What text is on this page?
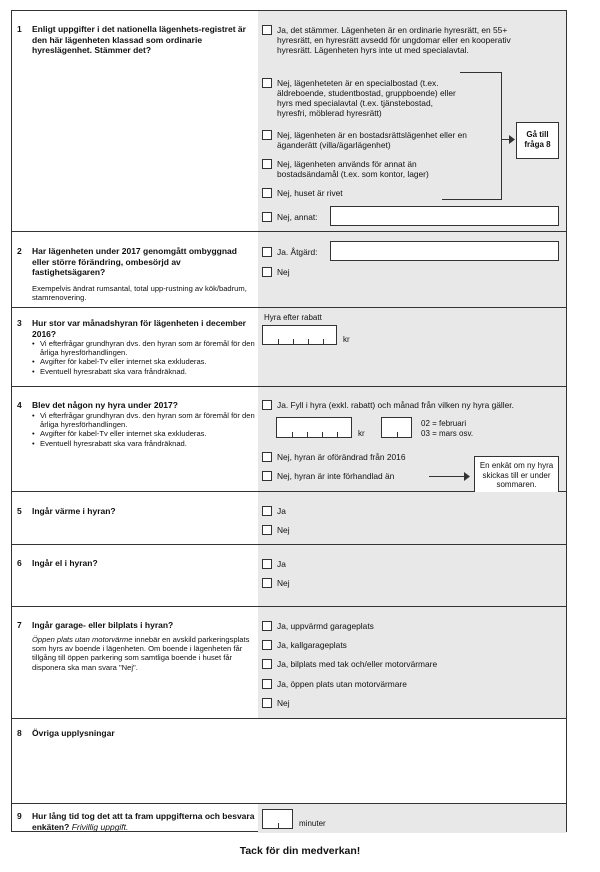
1 Enligt uppgifter i det nationella lägenhets-registret är den här lägenheten klassad som ordinarie hyreslägenhet. Stämmer det?
Ja, det stämmer. Lägenheten är en ordinarie hyresrätt, en 55+ hyresrätt, en hyresrätt avsedd för ungdomar eller en kooperativ hyresrätt. Lägenheten hyrs inte ut med specialavtal.
Nej, lägenheteten är en specialbostad (t.ex. äldreboende, studentbostad, gruppboende) eller hyrs med specialavtal (t.ex. tjänstebostad, hyresfri, möblerad hyresrätt)
Nej, lägenheten är en bostadsrättslägenhet eller en äganderätt (villa/ägarlägenhet)
Nej, lägenheten används för annat än bostadsändamål (t.ex. som kontor, lager)
Nej, huset är rivet
Nej, annat:
Gå till fråga 8
2 Har lägenheten under 2017 genomgått ombyggnad eller större förändring, ombesörjd av fastighetsägaren?
Exempelvis ändrat rumsantal, total upp-rustning av kök/badrum, stamrenovering.
Ja. Åtgärd:
Nej
3 Hur stor var månadshyran för lägenheten i december 2016?
• Vi efterfrågar grundhyran dvs. den hyran som är föremål för den årliga hyresförhandlingen.
• Avgifter för kabel-Tv eller internet ska exkluderas.
• Eventuell hyresrabatt ska vara fråndräknad.
Hyra efter rabatt
kr
4 Blev det någon ny hyra under 2017?
• Vi efterfrågar grundhyran dvs. den hyran som är föremål för den årliga hyresförhandlingen.
• Avgifter för kabel-Tv eller internet ska exkluderas.
• Eventuell hyresrabatt ska vara fråndräknad.
Ja. Fyll i hyra (exkl. rabatt) och månad från vilken ny hyra gäller.
kr
02 = februari
03 = mars osv.
Nej, hyran är oförändrad från 2016
Nej, hyran är inte förhandlad än
En enkät om ny hyra skickas till er under sommaren.
5 Ingår värme i hyran?	Ja
Nej
6 Ingår el i hyran?	Ja
Nej
7 Ingår garage- eller bilplats i hyran?
Öppen plats utan motorvärme innebär en avskild parkeringsplats som hyrs av boende i lägenheten. Om boende i lägenheten får tillgång till öppen parkering som samtliga boende i huset får disponera ska man svara "Nej".
Ja, uppvärmd garageplats
Ja, kallgarageplats
Ja, bilplats med tak och/eller motorvärmare
Ja, öppen plats utan motorvärmare
Nej
8 Övriga upplysningar
9 Hur lång tid tog det att ta fram uppgifterna och besvara enkäten? Frivillig uppgift.	minuter
Tack för din medverkan!
